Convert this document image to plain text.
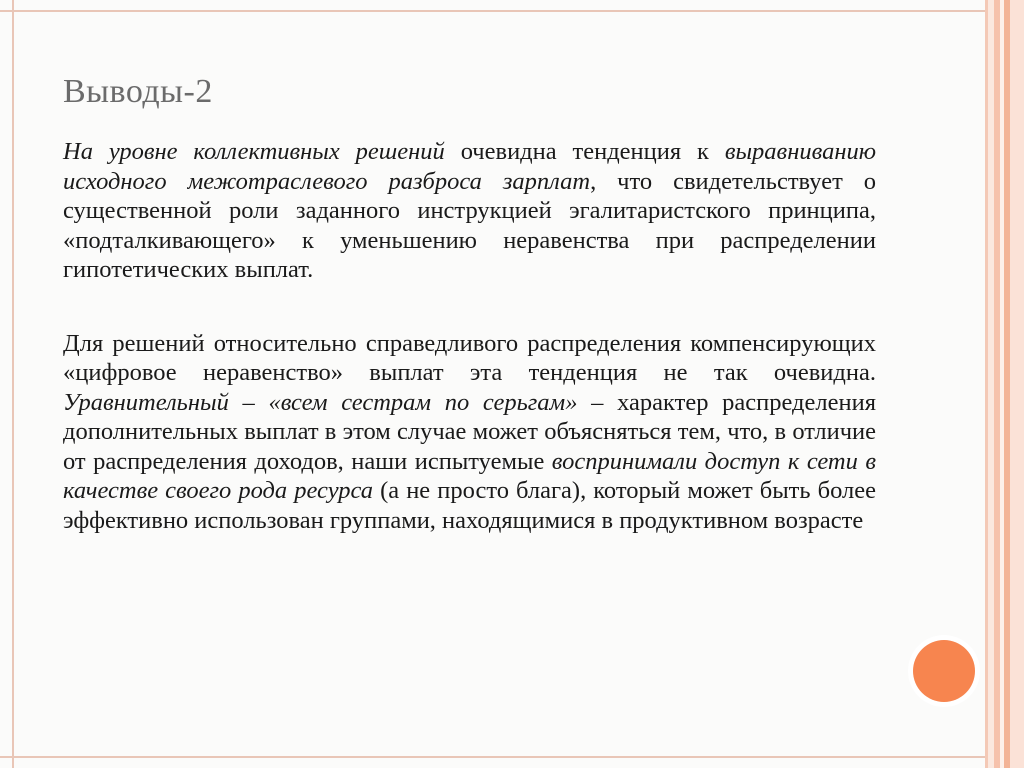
Выводы-2

На уровне коллективных решений очевидна тенденция к выравниванию исходного межотраслевого разброса зарплат, что свидетельствует о существенной роли заданного инструкцией эгалитаристского принципа, «подталкивающего» к уменьшению неравенства при распределении гипотетических выплат.

Для решений относительно справедливого распределения компенсирующих «цифровое неравенство» выплат эта тенденция не так очевидна. Уравнительный – «всем сестрам по серьгам» – характер распределения дополнительных выплат в этом случае может объясняться тем, что, в отличие от распределения доходов, наши испытуемые воспринимали доступ к сети в качестве своего рода ресурса (а не просто блага), который может быть более эффективно использован группами, находящимися в продуктивном возрасте
